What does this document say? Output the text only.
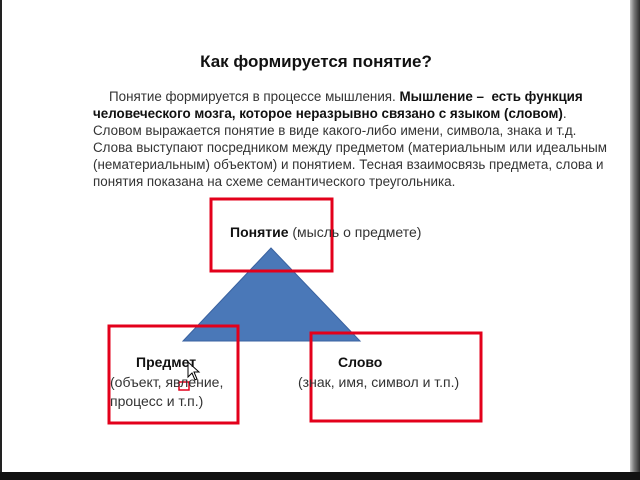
Как формируется понятие?
Понятие формируется в процессе мышления. Мышление – есть функция человеческого мозга, которое неразрывно связано с языком (словом). Словом выражается понятие в виде какого-либо имени, символа, знака и т.д. Слова выступают посредником между предметом (материальным или идеальным (нематериальным) объектом) и понятием. Тесная взаимосвязь предмета, слова и понятия показана на схеме семантического треугольника.
Понятие (мысль о предмете)
Предмет
(объект, явление,
процесс и т.п.)
Слово
(знак, имя, символ и т.п.)
